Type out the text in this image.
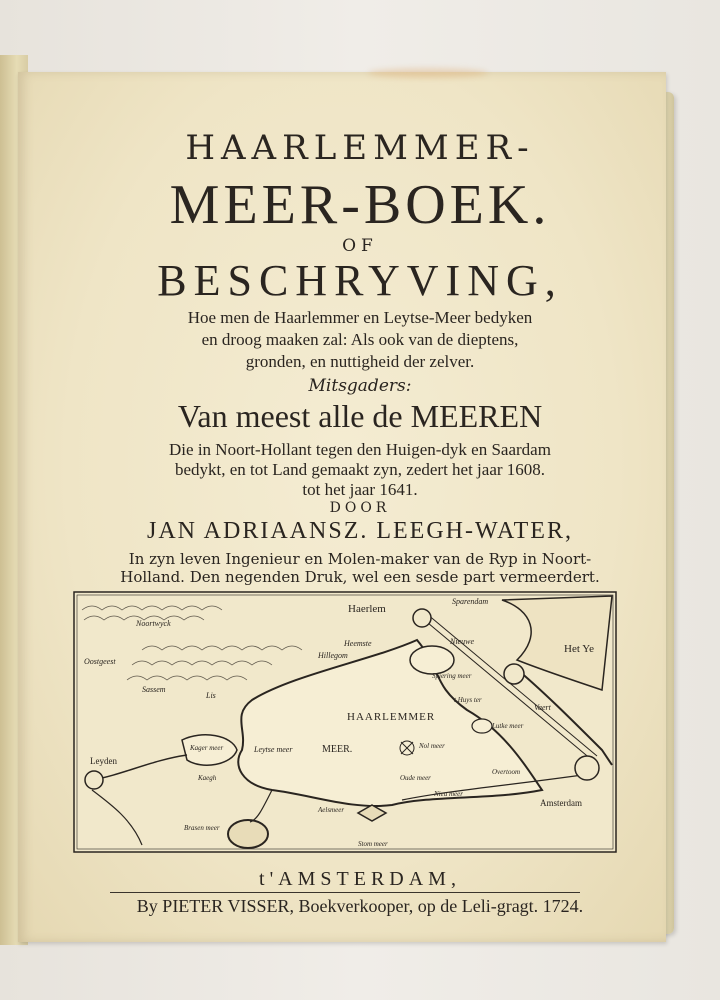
HAARLEMMER-
MEER-BOEK.
OF
BESCHRYVING,
Hoe men de Haarlemmer en Leytse-Meer bedyken
en droog maaken zal: Als ook van de dieptens,
gronden, en nuttigheid der zelver.
Mitsgaders:
Van meest alle de MEEREN
Die in Noort-Hollant tegen den Huigen-dyk en Saardam
bedykt, en tot Land gemaakt zyn, zedert het jaar 1608.
tot het jaar 1641.
DOOR
JAN ADRIAANSZ. LEEGH-WATER,
In zyn leven Ingenieur en Molen-maker van de Ryp in Noort-
Holland. Den negenden Druk, wel een sesde part vermeerdert.
Haerlem
Sparendam
Noortwyck
Heemste
Hillegom
Oostgeest
Sassem
Lis
Het Ye
Nieuwe
Vaert
Spiering meer
t Huys ter
HAARLEMMER
MEER.
Lutke meer
Kager meer	Leytse meer
Leyden
Kaegh
Nol meer
Oude meer
Overtoom
Nieu meer
Amsterdam
Aelsmeer
Brasen meer
Stom meer
t'AMSTERDAM,
By PIETER VISSER, Boekverkooper, op de Leli-gragt. 1724.
